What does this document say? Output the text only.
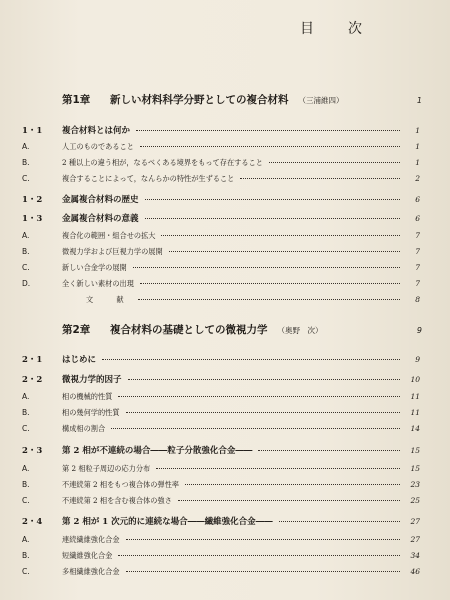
目　次
第1章	新しい材料科学分野としての複合材料 （三浦維四）	1
1・1	複合材料とは何か	1
A.	人工のものであること	1
B.	2 種以上の違う相が，なるべくある境界をもって存在すること	1
C.	複合することによって，なんらかの特性が生ずること	2
1・2	金属複合材料の歴史	6
1・3	金属複合材料の意義	6
A.	複合化の範囲・組合せの拡大	7
B.	微視力学および巨視力学の展開	7
C.	新しい合金学の展開	7
D.	全く新しい素材の出現	7
文　献	8
第2章	複合材料の基礎としての微視力学 （奥野　次）	9
2・1	はじめに	9
2・2	微視力学的因子	10
A.	相の機械的性質	11
B.	相の幾何学的性質	11
C.	構成相の割合	14
2・3	第 2 相が不連続の場合――粒子分散強化合金――	15
A.	第 2 相粒子周辺の応力分布	15
B.	不連続第 2 相をもつ複合体の弾性率	23
C.	不連続第 2 相を含む複合体の強さ	25
2・4	第 2 相が 1 次元的に連続な場合――繊維強化合金――	27
A.	連続繊維強化合金	27
B.	短繊維強化合金	34
C.	多相繊維強化合金	46
